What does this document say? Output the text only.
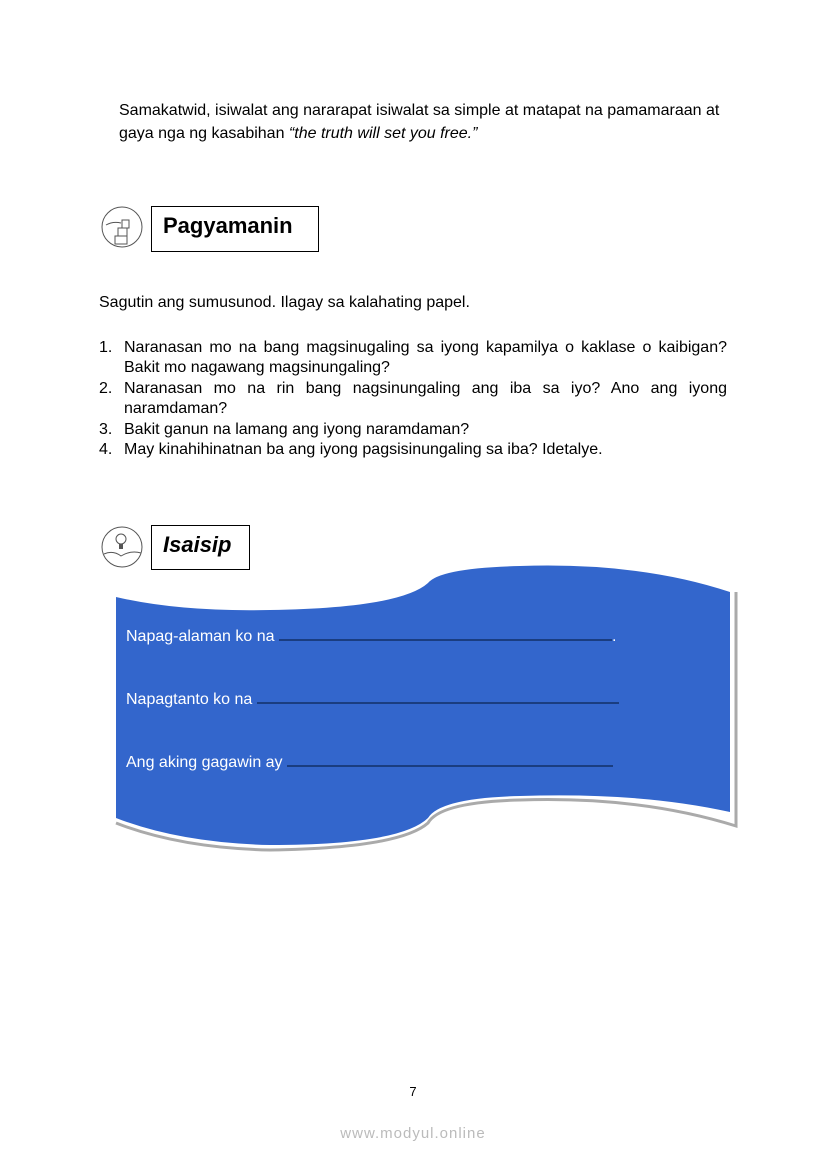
Samakatwid, isiwalat ang nararapat isiwalat sa simple at matapat na pamamaraan at gaya nga ng kasabihan “the truth will set you free.”
Pagyamanin
Sagutin ang sumusunod. Ilagay sa kalahating papel.
1. Naranasan mo na bang magsinugaling sa iyong kapamilya o kaklase o kaibigan? Bakit mo nagawang magsinungaling?
2. Naranasan mo na rin bang nagsinungaling ang iba sa iyo? Ano ang iyong naramdaman?
3. Bakit ganun na lamang ang iyong naramdaman?
4. May kinahihinatnan ba ang iyong pagsisinungaling sa iba? Idetalye.
Isaisip
Napag-alaman ko na	.
Napagtanto ko na
Ang aking gagawin ay
7
www.modyul.online
